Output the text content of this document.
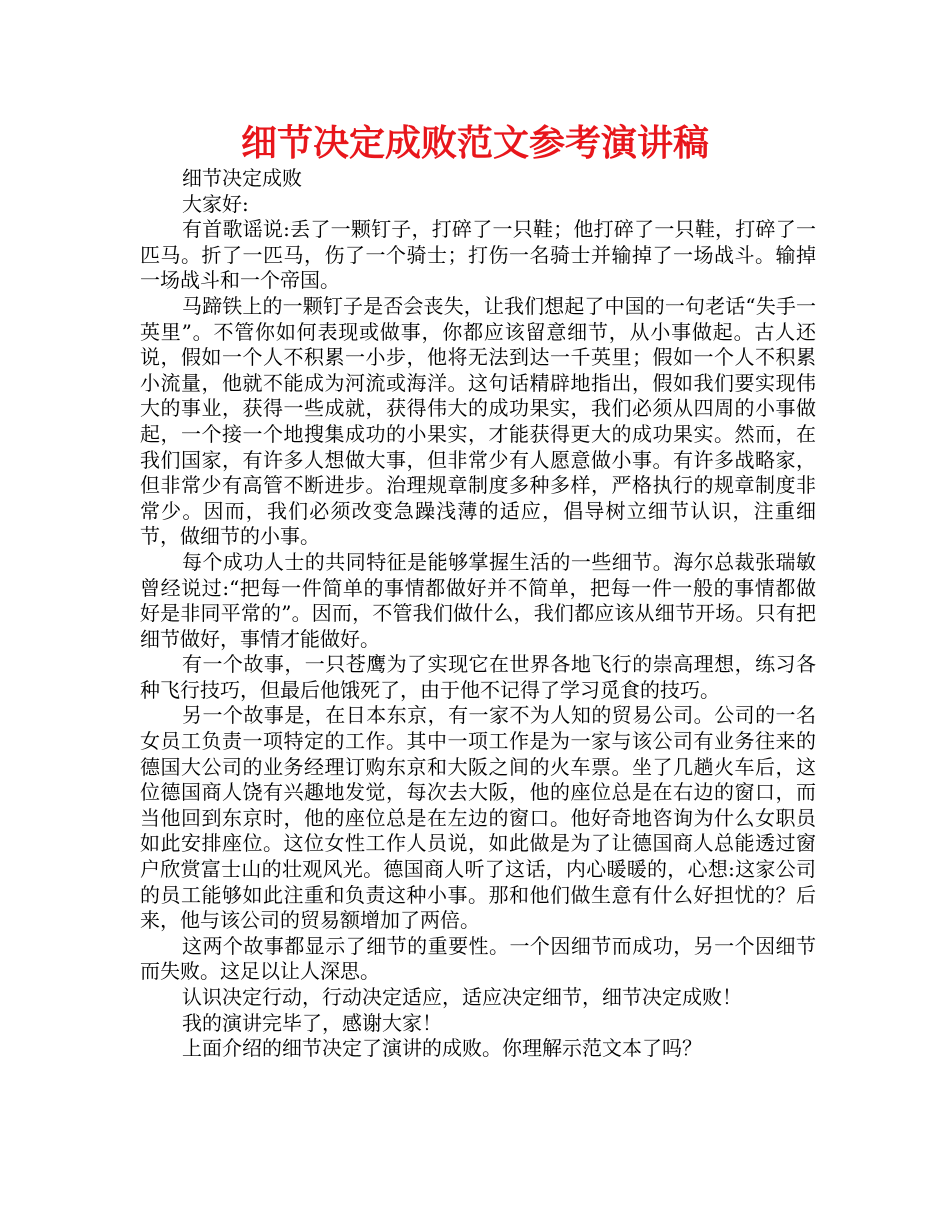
细节决定成败范文参考演讲稿

细节决定成败

大家好:

有首歌谣说:丢了一颗钉子，打碎了一只鞋；他打碎了一只鞋，打碎了一匹马。折了一匹马，伤了一个骑士；打伤一名骑士并输掉了一场战斗。输掉一场战斗和一个帝国。

马蹄铁上的一颗钉子是否会丧失，让我们想起了中国的一句老话“失手一英里”。不管你如何表现或做事，你都应该留意细节，从小事做起。古人还说，假如一个人不积累一小步，他将无法到达一千英里；假如一个人不积累小流量，他就不能成为河流或海洋。这句话精辟地指出，假如我们要实现伟大的事业，获得一些成就，获得伟大的成功果实，我们必须从四周的小事做起，一个接一个地搜集成功的小果实，才能获得更大的成功果实。然而，在我们国家，有许多人想做大事，但非常少有人愿意做小事。有许多战略家，但非常少有高管不断进步。治理规章制度多种多样，严格执行的规章制度非常少。因而，我们必须改变急躁浅薄的适应，倡导树立细节认识，注重细节，做细节的小事。

每个成功人士的共同特征是能够掌握生活的一些细节。海尔总裁张瑞敏曾经说过:“把每一件简单的事情都做好并不简单，把每一件一般的事情都做好是非同平常的”。因而，不管我们做什么，我们都应该从细节开场。只有把细节做好，事情才能做好。

有一个故事，一只苍鹰为了实现它在世界各地飞行的崇高理想，练习各种飞行技巧，但最后他饿死了，由于他不记得了学习觅食的技巧。

另一个故事是，在日本东京，有一家不为人知的贸易公司。公司的一名女员工负责一项特定的工作。其中一项工作是为一家与该公司有业务往来的德国大公司的业务经理订购东京和大阪之间的火车票。坐了几趟火车后，这位德国商人饶有兴趣地发觉，每次去大阪，他的座位总是在右边的窗口，而当他回到东京时，他的座位总是在左边的窗口。他好奇地咨询为什么女职员如此安排座位。这位女性工作人员说，如此做是为了让德国商人总能透过窗户欣赏富士山的壮观风光。德国商人听了这话，内心暖暖的，心想:这家公司的员工能够如此注重和负责这种小事。那和他们做生意有什么好担忧的？后来，他与该公司的贸易额增加了两倍。

这两个故事都显示了细节的重要性。一个因细节而成功，另一个因细节而失败。这足以让人深思。

认识决定行动，行动决定适应，适应决定细节，细节决定成败！

我的演讲完毕了，感谢大家！

上面介绍的细节决定了演讲的成败。你理解示范文本了吗？
